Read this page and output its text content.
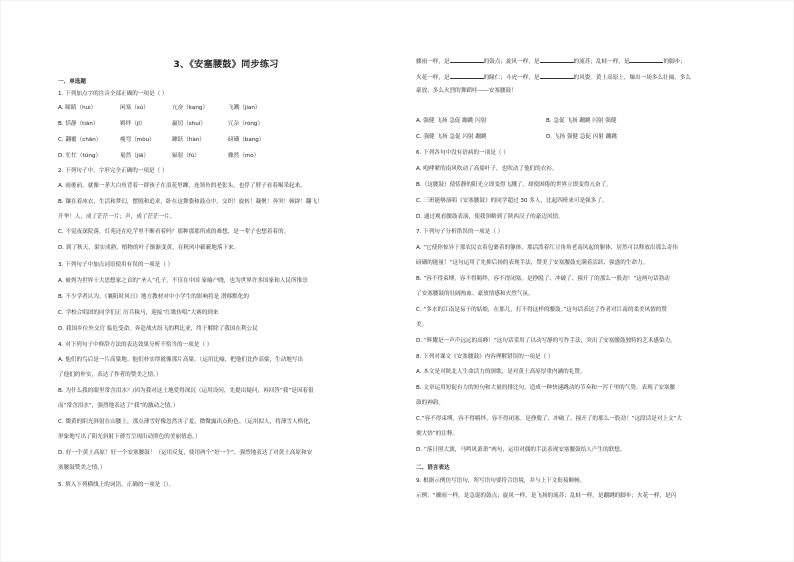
3、《安塞腰鼓》同步练习
一、单选题
1. 下列加点字的注音全部正确的一项是（ ）
A. 瞳睛（hui）	闲塞（sù）	亢奋（kang）	飞溅（jian）
B. 恬静（tián）	羁绊（jī）	羸切（shuí）	冗杂（róng）
C. 翻覆（chān）	瘦弯（mòu）	蹿跃（hàn）	磅礴（bang）
D. 忙忙（tūng）	戛然（jiā）	辐射（fú）	骤然（mò）
2. 下列句子中，字形完全正确的一项是（ ）
A. 雨後前，就像一茅大白鱼背着一群孩子在浪花里蹿，连领鱼的老张头，也俘了脖子看着喝采起来。
B. 镶在着冰衣，生活和梦幻，摆脱和追求，卧在这舞姿和鼓点中，交织！旋转！凝聚！奔突！顿辟！翻飞！
升华！人，成了茫茫一片；声，成了茫茫一片。
C. 不觉夜深院落，灯苑还在吃芋里不断看着吗？那种那那所成的难想，是一辈子也想着着的。
D. 到了秋天，果实成熟，植物的叶子渐渐变黄，在秋风中簌簌地落下来。
3. 下列句子中加点词语使用有误的一项是（ ）
A. 被列为世界十大思想家之首的“圣人”孔子，不仅在中国 家喻户晓，也为世界许多国家和人民所推崇
B. 不少学者认为，《襄阳时风日》地方教材对中小学生的影响将是 潜移默化的
C. 学校合唱团的同学们正 厉兵秣马，迎接“红歌传唱”大赛的到来
D. 我国乡位外交官 临危受命，奔赴战火纷飞的利比亚，终于解除了我国在利公民
4. 对下列句子中修辞方法的表达效果分析不恰当的一项是（ ）
A. 他们的鸟后是一片高粱地。他们朴实得就像那片高粱。（运用比喻，把他们比作高粱，生动地写出
了他们的朴实，表达了作者的赞美之情。）
B. 为什么我的眼里常含泪水？/因为我对这土地爱得深沉（运用设问，先提出疑问，再回答“我”是因着很
而“常含泪水”，强烈地表达了“我”的激动之情。）
C. 微黄的阳光斜射在山腰上，那点薄雪好像忽然害了羞，微微露出点粉色。（运用拟人，将薄雪人格化，
形象地写出了阳光斜射下薄雪呈现出动照色的美丽情态。）
D. 好一个黄土高原！好一个安塞腰鼓！（运用反复，使用两个“好一个”，强烈地表达了对黄土高原和安
塞腰鼓赞美之情。）
5. 填入下列横线上的词语，正确的一项是（）。
骤雨一样，是	的鼓点；旋风一样，是	的流苏；乱蛙一样，是	的脚步；
火花一样，是	的瞳仁；斗虎一样，是	的风姿。黄土高原上，爆出一场多么壮阔、多么
豪放、多么火烈的舞蹈哇——安塞腰鼓！
A. 强健 飞扬 急促 蹦跳 闪射	B. 急促 飞扬 蹦跳 闪射 强健
C. 强健 飞扬 急促 闪射 蹦跳	D. 飞扬 强健 急促 闪射 蹦跳
6. 下列各句中没有语病的一项是（ ）
A. 咆哮紧的南风吹动了高粱叶子，也吹动了他们的衣衫。
B.（这腰鼓）使恬静的阳光立即变得飞溅了，却使困倦的世界立即变得亢奋了。
C. 三班能够演唱《安塞腰鼓》的同学超过 30 多人，比起四班来可是强多了。
D. 通过观看腰鼓表演，使我领略到了陕西汉子的豪迈风情。
7. 下列句子分析错误的一项是（ ）
A. “它使你惊异于那农民衣着包裹着的躯体，那活泼着红豆角角老南风起的躯体，居然可以释放出那么奇伟
磅礴的能量！”这句运用了先抑后扬的表现手法，赞美了安塞腰鼓充满着活跃、强盛的生命力。
B. “容不得束缚，容不得羁绊，容不得闭塞。是挣脱了、冲破了、撞开了的那么一股劲！”这两句话勃动
了安塞腰鼓的壮阔热血、豪放情感和火烈气氛。
C. “多水的江南是易于的姑娘，在那儿，打不得这样的腰鼓。”这句话表达了作者对江南的柔美风情的赞
美。
D. “辉耀是一声声远远的高峰！”这句话采用了以动写静的写作手法，突出了安塞腰鼓独特的艺术感染力。
8. 下列对课文《安塞腰鼓》内容理解错误的一项是（ ）
A. 本文是对陕北人生命活力的颂歌，是对黄土高原厚重内涵的礼赞。
B. 文章运用短促有力的短句和大量的排比句，造成一种快速跳动的节奏和一泻千里的气势，表现了安塞腰
鼓的神韵。
C.“容不得束缚，容不得羁绊，容不得闭塞。是挣脱了、冲破了、撞开了的那么一股劲！”这段话是对上文“大
彻大悟”的注释。
D. “落日照大旗，马鸣风萧萧”两句，运用对偶的手法表现安塞腰鼓给人产生的联想。
二、语言表达
9. 根据示例仿写语句，所写语句要符合语境，并与上下文衔接顺畅。
示例：“骤雨一样，是急促的鼓点；旋风一样，是飞扬的流苏；乱蛙一样，是蹦跳的脚步；火花一样，是闪
